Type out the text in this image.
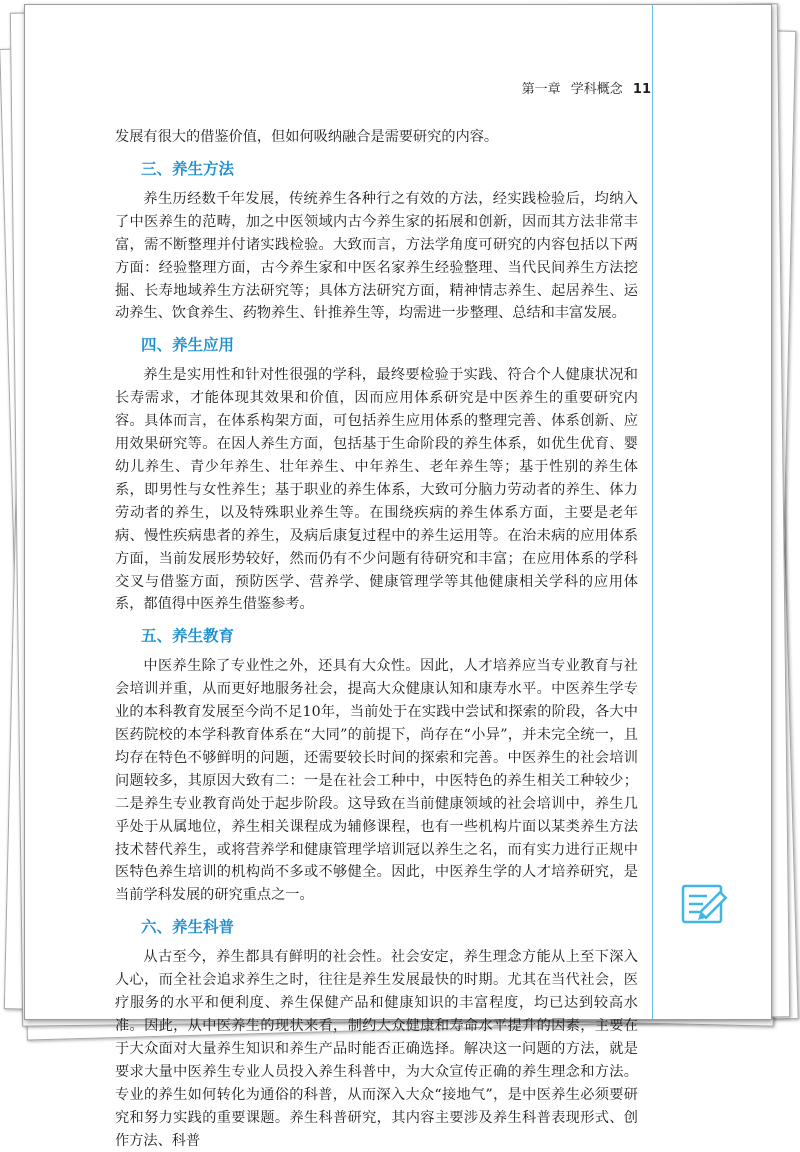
第一章 学科概念 11

发展有很大的借鉴价值，但如何吸纳融合是需要研究的内容。

三、养生方法

养生历经数千年发展，传统养生各种行之有效的方法，经实践检验后，均纳入了中医养生的范畴，加之中医领域内古今养生家的拓展和创新，因而其方法非常丰富，需不断整理并付诸实践检验。大致而言，方法学角度可研究的内容包括以下两方面：经验整理方面，古今养生家和中医名家养生经验整理、当代民间养生方法挖掘、长寿地域养生方法研究等；具体方法研究方面，精神情志养生、起居养生、运动养生、饮食养生、药物养生、针推养生等，均需进一步整理、总结和丰富发展。

四、养生应用

养生是实用性和针对性很强的学科，最终要检验于实践、符合个人健康状况和长寿需求，才能体现其效果和价值，因而应用体系研究是中医养生的重要研究内容。具体而言，在体系构架方面，可包括养生应用体系的整理完善、体系创新、应用效果研究等。在因人养生方面，包括基于生命阶段的养生体系，如优生优育、婴幼儿养生、青少年养生、壮年养生、中年养生、老年养生等；基于性别的养生体系，即男性与女性养生；基于职业的养生体系，大致可分脑力劳动者的养生、体力劳动者的养生，以及特殊职业养生等。在围绕疾病的养生体系方面，主要是老年病、慢性疾病患者的养生，及病后康复过程中的养生运用等。在治未病的应用体系方面，当前发展形势较好，然而仍有不少问题有待研究和丰富；在应用体系的学科交叉与借鉴方面，预防医学、营养学、健康管理学等其他健康相关学科的应用体系，都值得中医养生借鉴参考。

五、养生教育

中医养生除了专业性之外，还具有大众性。因此，人才培养应当专业教育与社会培训并重，从而更好地服务社会，提高大众健康认知和康寿水平。中医养生学专业的本科教育发展至今尚不足10年，当前处于在实践中尝试和探索的阶段，各大中医药院校的本学科教育体系在“大同”的前提下，尚存在“小异”，并未完全统一，且均存在特色不够鲜明的问题，还需要较长时间的探索和完善。中医养生的社会培训问题较多，其原因大致有二：一是在社会工种中，中医特色的养生相关工种较少；二是养生专业教育尚处于起步阶段。这导致在当前健康领域的社会培训中，养生几乎处于从属地位，养生相关课程成为辅修课程，也有一些机构片面以某类养生方法技术替代养生，或将营养学和健康管理学培训冠以养生之名，而有实力进行正规中医特色养生培训的机构尚不多或不够健全。因此，中医养生学的人才培养研究，是当前学科发展的研究重点之一。

六、养生科普

从古至今，养生都具有鲜明的社会性。社会安定，养生理念方能从上至下深入人心，而全社会追求养生之时，往往是养生发展最快的时期。尤其在当代社会，医疗服务的水平和便利度、养生保健产品和健康知识的丰富程度，均已达到较高水准。因此，从中医养生的现状来看，制约大众健康和寿命水平提升的因素，主要在于大众面对大量养生知识和养生产品时能否正确选择。解决这一问题的方法，就是要求大量中医养生专业人员投入养生科普中，为大众宣传正确的养生理念和方法。专业的养生如何转化为通俗的科普，从而深入大众“接地气”，是中医养生必须要研究和努力实践的重要课题。养生科普研究，其内容主要涉及养生科普表现形式、创作方法、科普
